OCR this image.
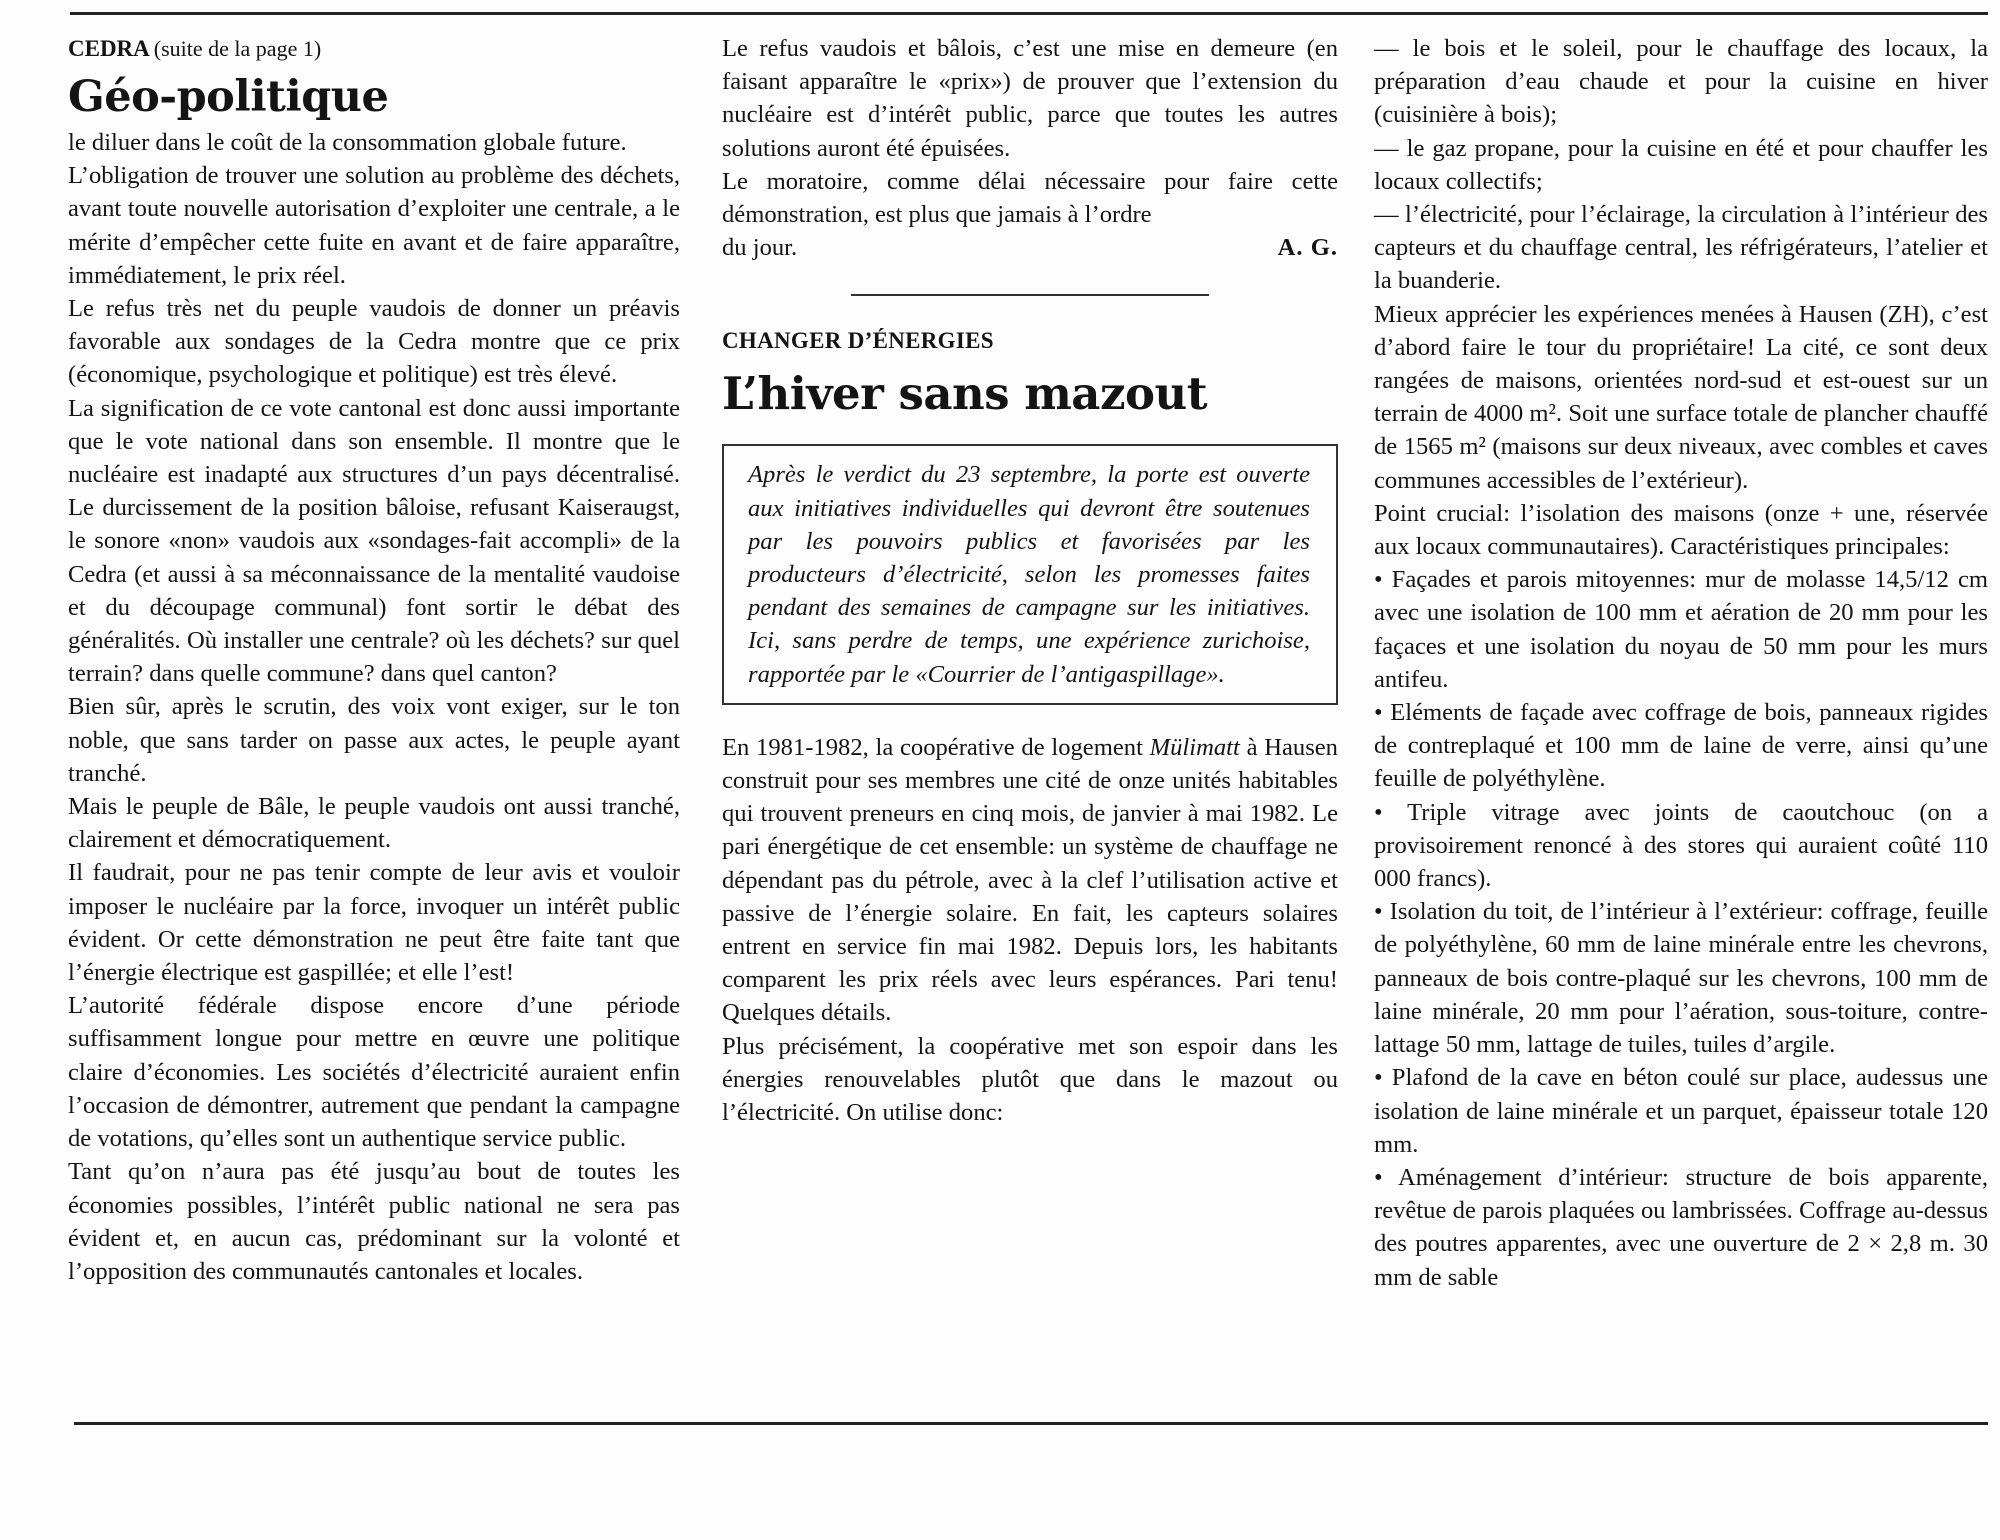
CEDRA (suite de la page 1)
Géo-politique

le diluer dans le coût de la consommation globale future.

L’obligation de trouver une solution au problème des déchets, avant toute nouvelle autorisation d’exploiter une centrale, a le mérite d’empêcher cette fuite en avant et de faire apparaître, immédiatement, le prix réel.

Le refus très net du peuple vaudois de donner un préavis favorable aux sondages de la Cedra montre que ce prix (économique, psychologique et politique) est très élevé.

La signification de ce vote cantonal est donc aussi importante que le vote national dans son ensemble. Il montre que le nucléaire est inadapté aux structures d’un pays décentralisé. Le durcissement de la position bâloise, refusant Kaiseraugst, le sonore «non» vaudois aux «sondages-fait accompli» de la Cedra (et aussi à sa méconnaissance de la mentalité vaudoise et du découpage communal) font sortir le débat des généralités. Où installer une centrale? où les déchets? sur quel terrain? dans quelle commune? dans quel canton?

Bien sûr, après le scrutin, des voix vont exiger, sur le ton noble, que sans tarder on passe aux actes, le peuple ayant tranché.

Mais le peuple de Bâle, le peuple vaudois ont aussi tranché, clairement et démocratiquement.

Il faudrait, pour ne pas tenir compte de leur avis et vouloir imposer le nucléaire par la force, invoquer un intérêt public évident. Or cette démonstration ne peut être faite tant que l’énergie électrique est gaspillée; et elle l’est!

L’autorité fédérale dispose encore d’une période suffisamment longue pour mettre en œuvre une politique claire d’économies. Les sociétés d’électricité auraient enfin l’occasion de démontrer, autrement que pendant la campagne de votations, qu’elles sont un authentique service public.

Tant qu’on n’aura pas été jusqu’au bout de toutes les économies possibles, l’intérêt public national ne sera pas évident et, en aucun cas, prédominant sur la volonté et l’opposition des communautés cantonales et locales.

Le refus vaudois et bâlois, c’est une mise en demeure (en faisant apparaître le «prix») de prouver que l’extension du nucléaire est d’intérêt public, parce que toutes les autres solutions auront été épuisées.

Le moratoire, comme délai nécessaire pour faire cette démonstration, est plus que jamais à l’ordre

du jour.	A. G.
CHANGER D’ÉNERGIES
L’hiver sans mazout

Après le verdict du 23 septembre, la porte est ouverte aux initiatives individuelles qui devront être soutenues par les pouvoirs publics et favorisées par les producteurs d’électricité, selon les promesses faites pendant des semaines de campagne sur les initiatives. Ici, sans perdre de temps, une expérience zurichoise, rapportée par le «Courrier de l’antigaspillage».

En 1981-1982, la coopérative de logement Mülimatt à Hausen construit pour ses membres une cité de onze unités habitables qui trouvent preneurs en cinq mois, de janvier à mai 1982. Le pari énergétique de cet ensemble: un système de chauffage ne dépendant pas du pétrole, avec à la clef l’utilisation active et passive de l’énergie solaire. En fait, les capteurs solaires entrent en service fin mai 1982. Depuis lors, les habitants comparent les prix réels avec leurs espérances. Pari tenu! Quelques détails.

Plus précisément, la coopérative met son espoir dans les énergies renouvelables plutôt que dans le mazout ou l’électricité. On utilise donc:

— le bois et le soleil, pour le chauffage des locaux, la préparation d’eau chaude et pour la cuisine en hiver (cuisinière à bois);

— le gaz propane, pour la cuisine en été et pour chauffer les locaux collectifs;

— l’électricité, pour l’éclairage, la circulation à l’intérieur des capteurs et du chauffage central, les réfrigérateurs, l’atelier et la buanderie.

Mieux apprécier les expériences menées à Hausen (ZH), c’est d’abord faire le tour du propriétaire! La cité, ce sont deux rangées de maisons, orientées nord-sud et est-ouest sur un terrain de 4000 m². Soit une surface totale de plancher chauffé de 1565 m² (maisons sur deux niveaux, avec combles et caves communes accessibles de l’extérieur).

Point crucial: l’isolation des maisons (onze + une, réservée aux locaux communautaires). Caractéristiques principales:

• Façades et parois mitoyennes: mur de molasse 14,5/12 cm avec une isolation de 100 mm et aération de 20 mm pour les façaces et une isolation du noyau de 50 mm pour les murs antifeu.

• Eléments de façade avec coffrage de bois, panneaux rigides de contreplaqué et 100 mm de laine de verre, ainsi qu’une feuille de polyéthylène.

• Triple vitrage avec joints de caoutchouc (on a provisoirement renoncé à des stores qui auraient coûté 110 000 francs).

• Isolation du toit, de l’intérieur à l’extérieur: coffrage, feuille de polyéthylène, 60 mm de laine minérale entre les chevrons, panneaux de bois contre-plaqué sur les chevrons, 100 mm de laine minérale, 20 mm pour l’aération, sous-toiture, contre-lattage 50 mm, lattage de tuiles, tuiles d’argile.

• Plafond de la cave en béton coulé sur place, audessus une isolation de laine minérale et un parquet, épaisseur totale 120 mm.

• Aménagement d’intérieur: structure de bois apparente, revêtue de parois plaquées ou lambrissées. Coffrage au-dessus des poutres apparentes, avec une ouverture de 2 × 2,8 m. 30 mm de sable
